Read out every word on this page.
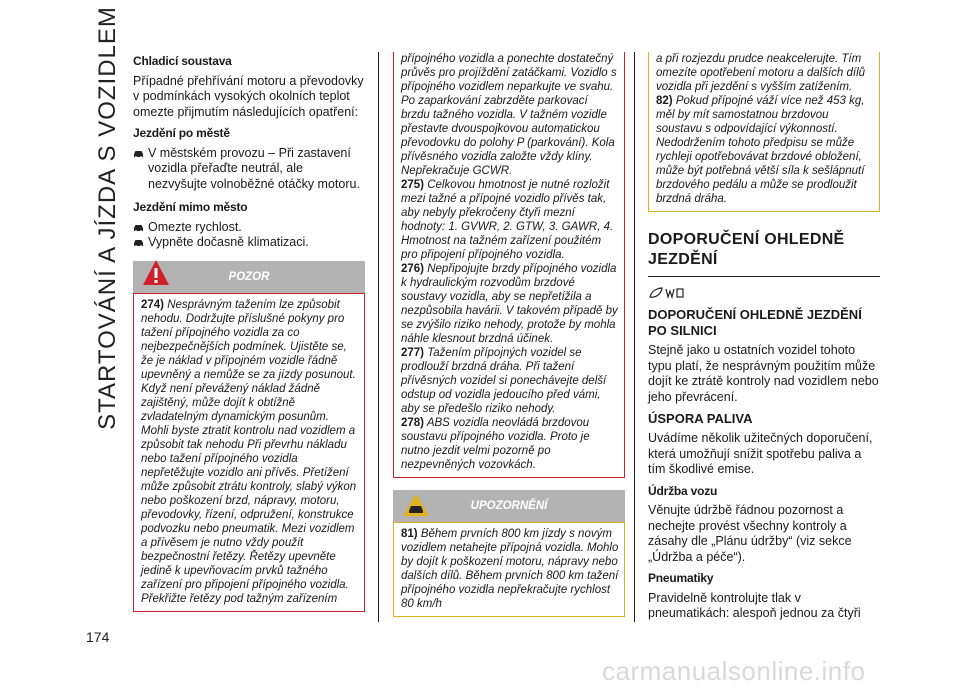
STARTOVÁNÍ A JÍZDA S VOZIDLEM
174
Chladicí soustava

Případné přehřívání motoru a převodovky v podmínkách vysokých okolních teplot omezte přijmutím následujících opatření:

Jezdění po městě
V městském provozu – Při zastavení vozidla přeřaďte neutrál, ale nezvyšujte volnoběžné otáčky motoru.
Jezdění mimo město
Omezte rychlost.
Vypněte dočasně klimatizaci.
POZOR
274) Nesprávným tažením lze způsobit nehodu. Dodržujte příslušné pokyny pro tažení přípojného vozidla za co nejbezpečnějších podmínek. Ujistěte se, že je náklad v přípojném vozidle řádně upevněný a nemůže se za jízdy posunout. Když není převážený náklad žádně zajištěný, může dojít k obtížně zvladatelným dynamickým posunům. Mohli byste ztratit kontrolu nad vozidlem a způsobit tak nehodu Při převrhu nákladu nebo tažení přípojného vozidla nepřetěžujte vozidlo ani přívěs. Přetížení může způsobit ztrátu kontroly, slabý výkon nebo poškození brzd, nápravy, motoru, převodovky, řízení, odpružení, konstrukce podvozku nebo pneumatik. Mezi vozidlem a přívěsem je nutno vždy použít bezpečnostní řetězy. Řetězy upevněte jedině k upevňovacím prvků tažného zařízení pro připojení přípojného vozidla. Překřižte řetězy pod tažným zařízením

přípojného vozidla a ponechte dostatečný průvěs pro projíždění zatáčkami. Vozidlo s přípojného vozidlem neparkujte ve svahu. Po zaparkování zabrzděte parkovací brzdu tažného vozidla. V tažném vozidle přestavte dvouspojkovou automatickou převodovku do polohy P (parkování). Kola přívěsného vozidla založte vždy klíny. Nepřekračuje GCWR.

275) Celkovou hmotnost je nutné rozložit mezi tažné a přípojné vozidlo přívěs tak, aby nebyly překročeny čtyři mezní hodnoty: 1. GVWR, 2. GTW, 3. GAWR, 4. Hmotnost na tažném zařízení použitém pro připojení přípojného vozidla.
276) Nepřipojujte brzdy přípojného vozidla k hydraulickým rozvodům brzdové soustavy vozidla, aby se nepřetížila a nezpůsobila havárii. V takovém případě by se zvýšilo riziko nehody, protože by mohla náhle klesnout brzdná účinek.
277) Tažením přípojných vozidel se prodlouží brzdná dráha. Při tažení přívěsných vozidel si ponechávejte delší odstup od vozidla jedoucího před vámi, aby se předešlo riziko nehody.
278) ABS vozidla neovládá brzdovou soustavu přípojného vozidla. Proto je nutno jezdit velmi pozorně po nezpevněných vozovkách.
UPOZORNĚNÍ
81) Během prvních 800 km jízdy s novým vozidlem netahejte přípojná vozidla. Mohlo by dojít k poškození motoru, nápravy nebo dalších dílů. Během prvních 800 km tažení přípojného vozidla nepřekračujte rychlost 80 km/h

a při rozjezdu prudce neakcelerujte. Tím omezíte opotřebení motoru a dalších dílů vozidla při jezdění s vyšším zatížením.

82) Pokud přípojné váží více než 453 kg, měl by mít samostatnou brzdovou soustavu s odpovídající výkonností. Nedodržením tohoto předpisu se může rychleji opotřebovávat brzdové obložení, může být potřebná větší síla k sešlápnutí brzdového pedálu a může se prodloužit brzdná dráha.
DOPORUČENÍ OHLEDNĚ JEZDĚNÍ
DOPORUČENÍ OHLEDNĚ JEZDĚNÍ PO SILNICI

Stejně jako u ostatních vozidel tohoto typu platí, že nesprávným použitím může dojít ke ztrátě kontroly nad vozidlem nebo jeho převrácení.

ÚSPORA PALIVA

Uvádíme několik užitečných doporučení, která umožňují snížit spotřebu paliva a tím škodlivé emise.

Údržba vozu

Věnujte údržbě řádnou pozornost a nechejte provést všechny kontroly a zásahy dle „Plánu údržby“ (viz sekce „Údržba a péče“).

Pneumatiky

Pravidelně kontrolujte tlak v pneumatikách: alespoň jednou za čtyři

carmanualsonline.info
